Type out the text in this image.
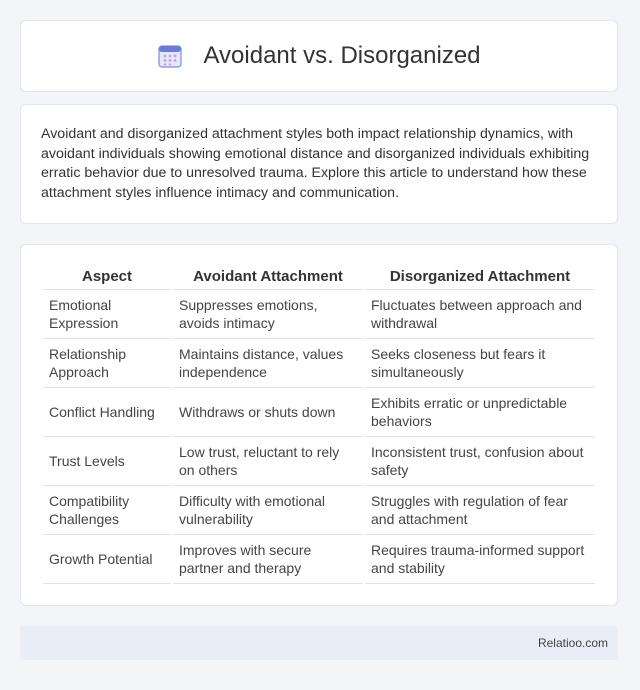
Avoidant vs. Disorganized

Avoidant and disorganized attachment styles both impact relationship dynamics, with avoidant individuals showing emotional distance and disorganized individuals exhibiting erratic behavior due to unresolved trauma. Explore this article to understand how these attachment styles influence intimacy and communication.

Aspect	Avoidant Attachment	Disorganized Attachment
Emotional Expression	Suppresses emotions, avoids intimacy	Fluctuates between approach and withdrawal
Relationship Approach	Maintains distance, values independence	Seeks closeness but fears it simultaneously
Conflict Handling	Withdraws or shuts down	Exhibits erratic or unpredictable behaviors
Trust Levels	Low trust, reluctant to rely on others	Inconsistent trust, confusion about safety
Compatibility Challenges	Difficulty with emotional vulnerability	Struggles with regulation of fear and attachment
Growth Potential	Improves with secure partner and therapy	Requires trauma-informed support and stability
Relatioo.com
